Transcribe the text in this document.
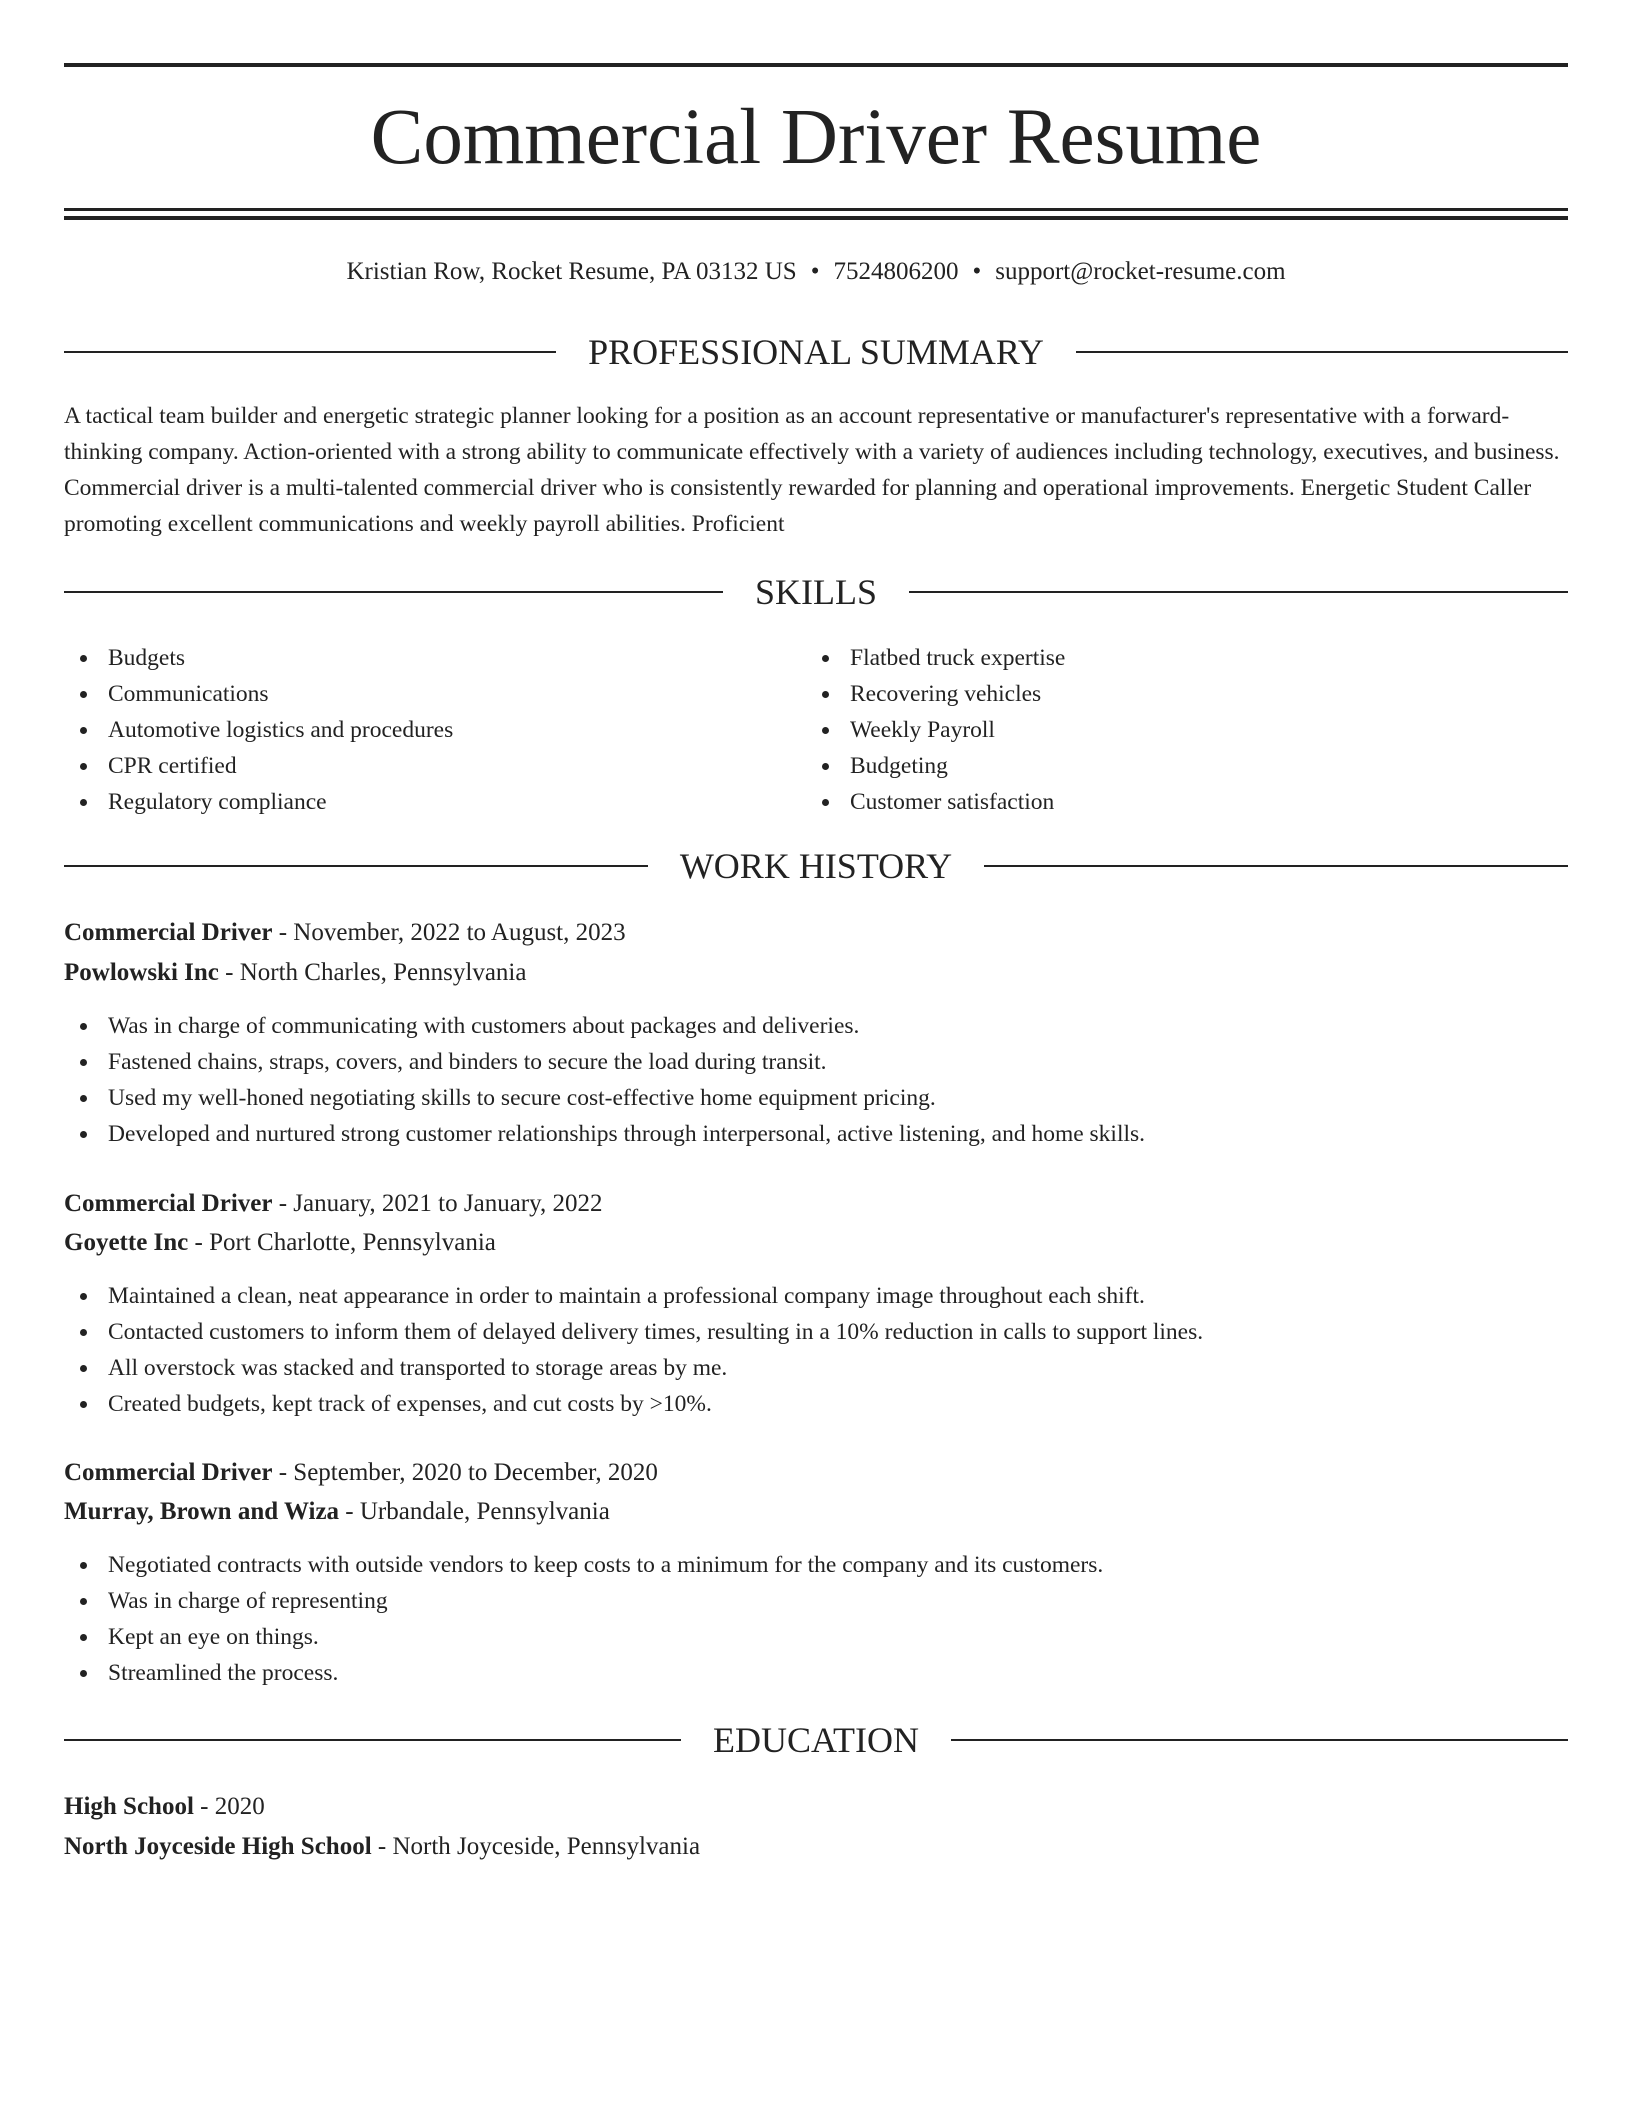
Commercial Driver Resume
Kristian Row, Rocket Resume, PA 03132 US • 7524806200 • support@rocket-resume.com
PROFESSIONAL SUMMARY

A tactical team builder and energetic strategic planner looking for a position as an account representative or manufacturer's representative with a forward-thinking company. Action-oriented with a strong ability to communicate effectively with a variety of audiences including technology, executives, and business. Commercial driver is a multi-talented commercial driver who is consistently rewarded for planning and operational improvements. Energetic Student Caller promoting excellent communications and weekly payroll abilities. Proficient

SKILLS
Budgets
Communications
Automotive logistics and procedures
CPR certified
Regulatory compliance
Flatbed truck expertise
Recovering vehicles
Weekly Payroll
Budgeting
Customer satisfaction
WORK HISTORY
Commercial Driver - November, 2022 to August, 2023
Powlowski Inc - North Charles, Pennsylvania
Was in charge of communicating with customers about packages and deliveries.
Fastened chains, straps, covers, and binders to secure the load during transit.
Used my well-honed negotiating skills to secure cost-effective home equipment pricing.
Developed and nurtured strong customer relationships through interpersonal, active listening, and home skills.
Commercial Driver - January, 2021 to January, 2022
Goyette Inc - Port Charlotte, Pennsylvania
Maintained a clean, neat appearance in order to maintain a professional company image throughout each shift.
Contacted customers to inform them of delayed delivery times, resulting in a 10% reduction in calls to support lines.
All overstock was stacked and transported to storage areas by me.
Created budgets, kept track of expenses, and cut costs by >10%.
Commercial Driver - September, 2020 to December, 2020
Murray, Brown and Wiza - Urbandale, Pennsylvania
Negotiated contracts with outside vendors to keep costs to a minimum for the company and its customers.
Was in charge of representing
Kept an eye on things.
Streamlined the process.
EDUCATION
High School - 2020
North Joyceside High School - North Joyceside, Pennsylvania
